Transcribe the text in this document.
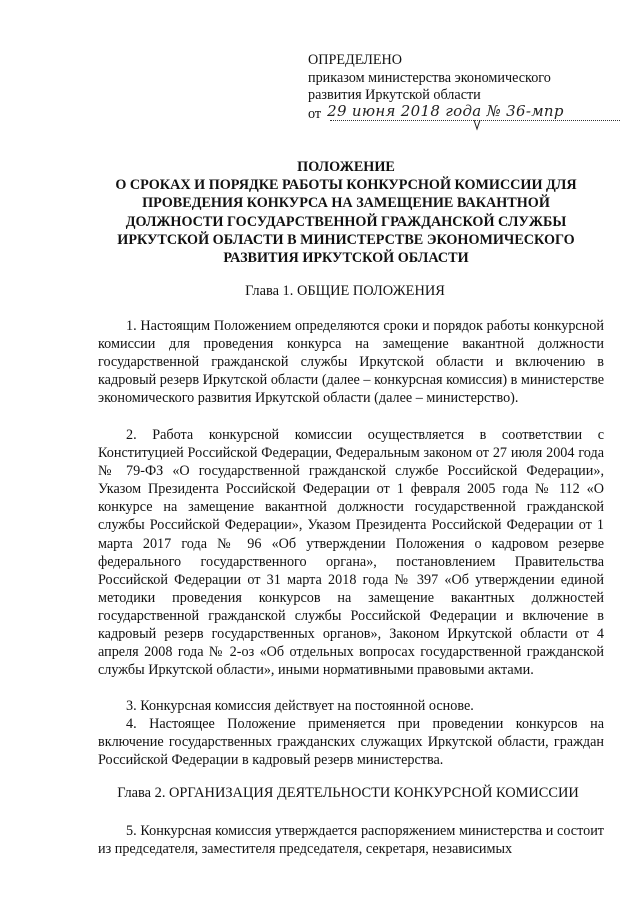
ОПРЕДЕЛЕНО
приказом министерства экономического
развития Иркутской области
от 29 июня 2018 года № 36-мпр
ПОЛОЖЕНИЕ
О СРОКАХ И ПОРЯДКЕ РАБОТЫ КОНКУРСНОЙ КОМИССИИ ДЛЯ
ПРОВЕДЕНИЯ КОНКУРСА НА ЗАМЕЩЕНИЕ ВАКАНТНОЙ
ДОЛЖНОСТИ ГОСУДАРСТВЕННОЙ ГРАЖДАНСКОЙ СЛУЖБЫ
ИРКУТСКОЙ ОБЛАСТИ В МИНИСТЕРСТВЕ ЭКОНОМИЧЕСКОГО
РАЗВИТИЯ ИРКУТСКОЙ ОБЛАСТИ
Глава 1. ОБЩИЕ ПОЛОЖЕНИЯ

1. Настоящим Положением определяются сроки и порядок работы конкурсной комиссии для проведения конкурса на замещение вакантной должности государственной гражданской службы Иркутской области и включению в кадровый резерв Иркутской области (далее – конкурсная комиссия) в министерстве экономического развития Иркутской области (далее – министерство).

2. Работа конкурсной комиссии осуществляется в соответствии с Конституцией Российской Федерации, Федеральным законом от 27 июля 2004 года № 79-ФЗ «О государственной гражданской службе Российской Федерации», Указом Президента Российской Федерации от 1 февраля 2005 года № 112 «О конкурсе на замещение вакантной должности государственной гражданской службы Российской Федерации», Указом Президента Российской Федерации от 1 марта 2017 года № 96 «Об утверждении Положения о кадровом резерве федерального государственного органа», постановлением Правительства Российской Федерации от 31 марта 2018 года № 397 «Об утверждении единой методики проведения конкурсов на замещение вакантных должностей государственной гражданской службы Российской Федерации и включение в кадровый резерв государственных органов», Законом Иркутской области от 4 апреля 2008 года № 2-оз «Об отдельных вопросах государственной гражданской службы Иркутской области», иными нормативными правовыми актами.

3. Конкурсная комиссия действует на постоянной основе.

4. Настоящее Положение применяется при проведении конкурсов на включение государственных гражданских служащих Иркутской области, граждан Российской Федерации в кадровый резерв министерства.

Глава 2. ОРГАНИЗАЦИЯ ДЕЯТЕЛЬНОСТИ КОНКУРСНОЙ КОМИССИИ

5. Конкурсная комиссия утверждается распоряжением министерства и состоит из председателя, заместителя председателя, секретаря, независимых
